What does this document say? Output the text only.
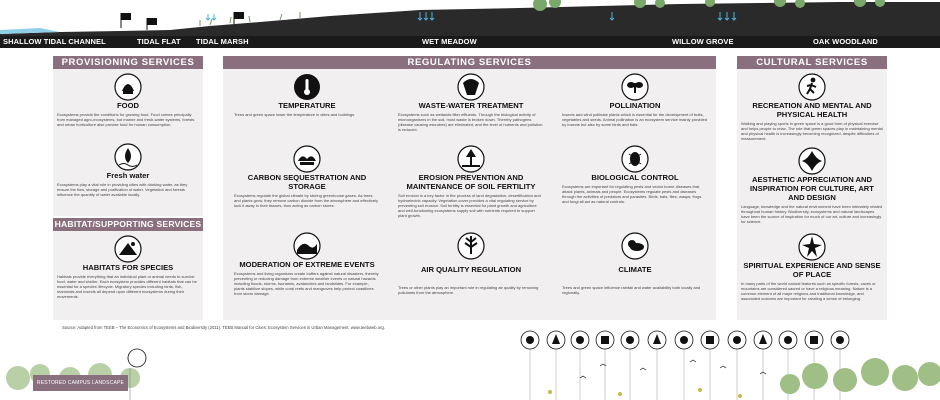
SHALLOW TIDAL CHANNEL	TIDAL FLAT TIDAL MARSH	WET MEADOW	WILLOW GROVE	OAK WOODLAND
PROVISIONING SERVICES
FOOD
Ecosystems provide the conditions for growing food. Food comes principally from managed agro-ecosystems, but marine and fresh-water systems, forests and urban horticulture also provide food for human consumption.
Fresh water
Ecosystems play a vital role in providing cities with drinking water, as they ensure the flow, storage and purification of water. Vegetation and forests influence the quantity of water available locally.
HABITAT/SUPPORTING SERVICES
HABITATS FOR SPECIES
Habitats provide everything that an individual plant or animal needs to survive: food, water and shelter. Each ecosystem provides different habitats that can be essential for a species' lifecycle. Migratory species including birds, fish, mammals and insects all depend upon different ecosystems during their movements.
REGULATING SERVICES
TEMPERATURE
Trees and green space lower the temperature in cities and buildings.
WASTE-WATER TREATMENT
Ecosystems such as wetlands filter effluents. Through the biological activity of microorganisms in the soil, most waste is broken down. Thereby pathogens (disease causing microbes) are eliminated, and the level of nutrients and pollution is reduced.
POLLINATION
Insects and wind pollinate plants which is essential for the development of fruits, vegetables and seeds. Animal pollination is an ecosystem service mainly provided by insects but also by some birds and bats.
CARBON SEQUESTRATION AND STORAGE
Ecosystems regulate the global climate by storing greenhouse gases. As trees and plants grow, they remove carbon dioxide from the atmosphere and effectively lock it away in their tissues, thus acting as carbon stores.
EROSION PREVENTION AND MAINTENANCE OF SOIL FERTILITY
Soil erosion is a key factor in the process of land degradation, desertification and hydroelectric capacity. Vegetation cover provides a vital regulating service by preventing soil erosion. Soil fertility is essential for plant growth and agriculture and well-functioning ecosystems supply soil with nutrients required to support plant growth.
BIOLOGICAL CONTROL
Ecosystems are important for regulating pests and vector borne diseases that attack plants, animals and people. Ecosystems regulate pests and diseases through the activities of predators and parasites. Birds, bats, flies, wasps, frogs and fungi all act as natural controls.
MODERATION OF EXTREME EVENTS
Ecosystems and living organisms create buffers against natural disasters, thereby preventing or reducing damage from extreme weather events or natural hazards including floods, storms, tsunamis, avalanches and landslides. For example, plants stabilize slopes, while coral reefs and mangroves help protect coastlines from storm damage.
AIR QUALITY REGULATION
Trees or other plants play an important role in regulating air quality by removing pollutants from the atmosphere.
CLIMATE
Trees and green space influence rainfall and water availability both locally and regionally.
CULTURAL SERVICES
RECREATION AND MENTAL AND PHYSICAL HEALTH
Walking and playing sports in green space is a good form of physical exercise and helps people to relax. The role that green spaces play in maintaining mental and physical health is increasingly becoming recognized, despite difficulties of measurement.
AESTHETIC APPRECIATION AND INSPIRATION FOR CULTURE, ART AND DESIGN
Language, knowledge and the natural environment have been intimately related throughout human history. Biodiversity, ecosystems and natural landscapes have been the source of inspiration for much of our art, culture and increasingly for science.
SPIRITUAL EXPERIENCE AND SENSE OF PLACE
In many parts of the world natural features such as specific forests, caves or mountains are considered sacred or have a religious meaning. Nature is a common element of all major religions and traditional knowledge, and associated customs are important for creating a sense of belonging.
Source: Adapted from TEEB – The Economics of Ecosystems and Biodiversity (2011). TEEB Manual for Cities: Ecosystem Services in Urban Management. www.teebweb.org.
RESTORED CAMPUS LANDSCAPE
